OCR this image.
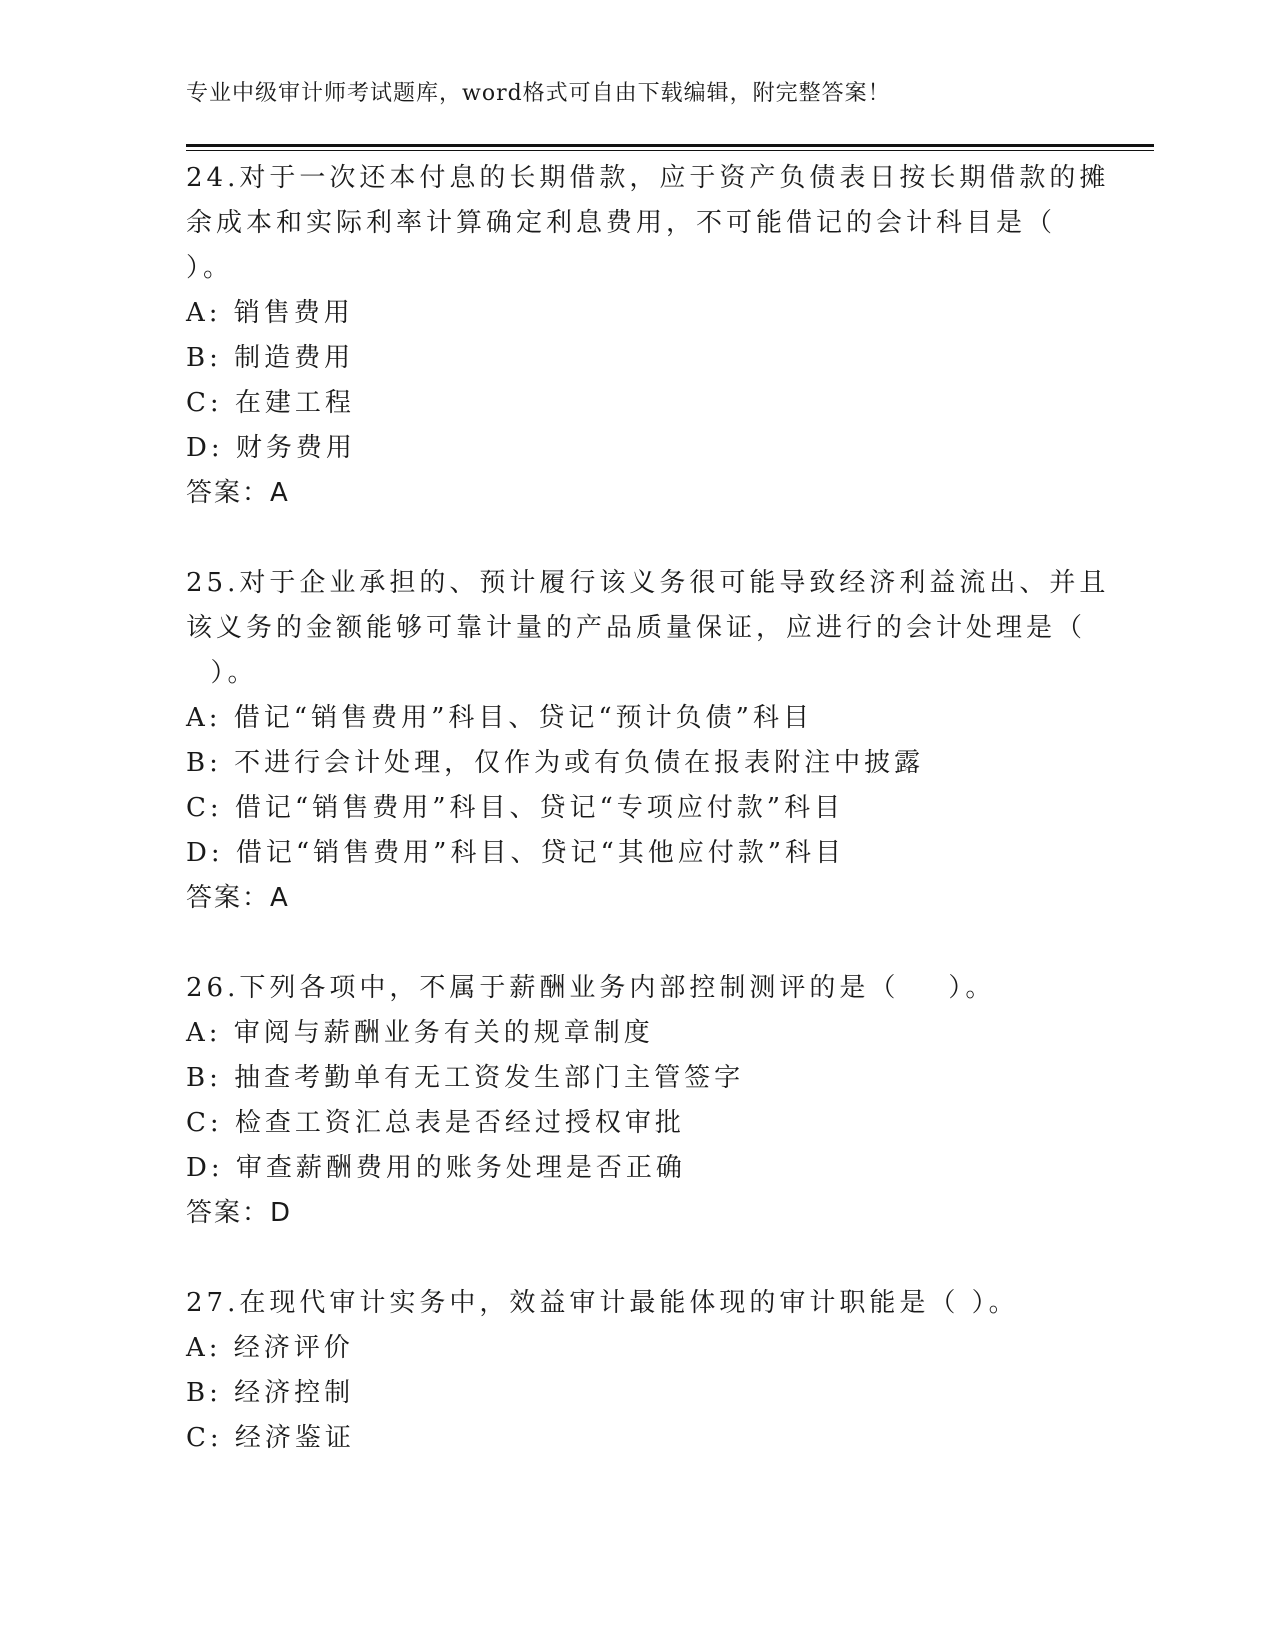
专业中级审计师考试题库，word格式可自由下载编辑，附完整答案！
24.对于一次还本付息的长期借款，应于资产负债表日按长期借款的摊
余成本和实际利率计算确定利息费用，不可能借记的会计科目是（
）。
A: 销售费用
B: 制造费用
C: 在建工程
D: 财务费用
答案：A
25.对于企业承担的、预计履行该义务很可能导致经济利益流出、并且
该义务的金额能够可靠计量的产品质量保证，应进行的会计处理是（
）。
A: 借记“销售费用”科目、贷记“预计负债”科目
B: 不进行会计处理，仅作为或有负债在报表附注中披露
C: 借记“销售费用”科目、贷记“专项应付款”科目
D: 借记“销售费用”科目、贷记“其他应付款”科目
答案：A
26.下列各项中，不属于薪酬业务内部控制测评的是（    ）。
A: 审阅与薪酬业务有关的规章制度
B: 抽查考勤单有无工资发生部门主管签字
C: 检查工资汇总表是否经过授权审批
D: 审查薪酬费用的账务处理是否正确
答案：D
27.在现代审计实务中，效益审计最能体现的审计职能是（ ）。
A: 经济评价
B: 经济控制
C: 经济鉴证
